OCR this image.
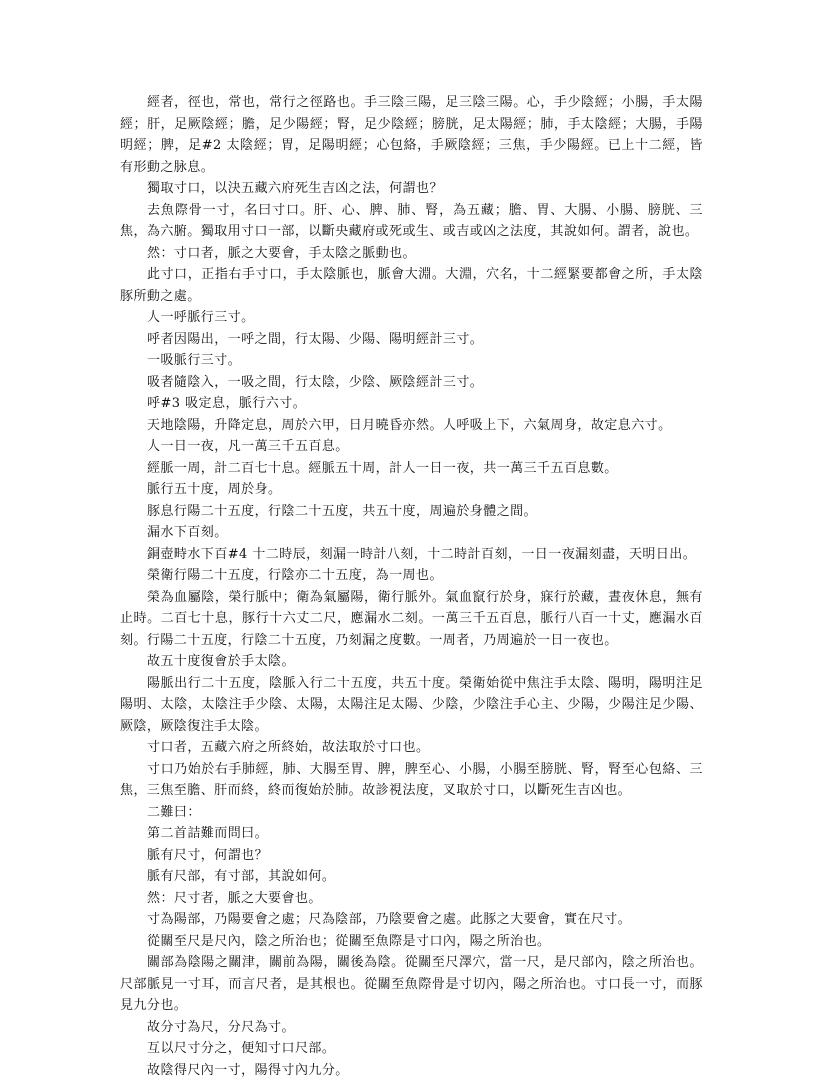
經者，徑也，常也，常行之徑路也。手三陰三陽，足三陰三陽。心，手少陰經；小腸，手太陽經；肝，足厥陰經；膽，足少陽經；腎，足少陰經；膀胱，足太陽經；肺，手太陰經；大腸，手陽明經；脾，足#2 太陰經；胃，足陽明經；心包絡，手厥陰經；三焦，手少陽經。已上十二經，皆有形動之脉息。

獨取寸口，以決五藏六府死生吉凶之法，何謂也？

去魚際骨一寸，名曰寸口。肝、心、脾、肺、腎，為五藏；膽、胃、大腸、小腸、膀胱、三焦，為六腑。獨取用寸口一部，以斷央藏府或死或生、或吉或凶之法度，其說如何。謂者，說也。

然：寸口者，脈之大要會，手太陰之脈動也。

此寸口，正指右手寸口，手太陰脈也，脈會大淵。大淵，穴名，十二經緊要都會之所，手太陰豚所動之處。

人一呼脈行三寸。

呼者因陽出，一呼之間，行太陽、少陽、陽明經計三寸。

一吸脈行三寸。

吸者隨陰入，一吸之間，行太陰，少陰、厥陰經計三寸。

呼#3 吸定息，脈行六寸。

天地陰陽，升降定息，周於六甲，日月曉昏亦然。人呼吸上下，六氣周身，故定息六寸。

人一日一夜，凡一萬三千五百息。

經脈一周，計二百七十息。經脈五十周，計人一日一夜，共一萬三千五百息數。

脈行五十度，周於身。

豚息行陽二十五度，行陰二十五度，共五十度，周遍於身體之間。

漏水下百刻。

銅壺畤水下百#4 十二時辰，刻漏一時計八刻，十二時計百刻，一日一夜漏刻盡，天明日出。

榮衛行陽二十五度，行陰亦二十五度，為一周也。

榮為血屬陰，榮行脈中；衛為氣屬陽，衛行脈外。氣血竄行於身，寐行於藏，晝夜休息，無有止時。二百七十息，豚行十六丈二尺，應漏水二刻。一萬三千五百息，脈行八百一十丈，應漏水百刻。行陽二十五度，行陰二十五度，乃刻漏之度數。一周者，乃周遍於一日一夜也。

故五十度復會於手太陰。

陽脈出行二十五度，陰脈入行二十五度，共五十度。榮衛始從中焦注手太陰、陽明，陽明注足陽明、太陰，太陰注手少陰、太陽，太陽注足太陽、少陰，少陰注手心主、少陽，少陽注足少陽、厥陰，厥陰復注手太陰。

寸口者，五藏六府之所終始，故法取於寸口也。

寸口乃始於右手肺經，肺、大腸至胃、脾，脾至心、小腸，小腸至膀胱、腎，腎至心包絡、三焦，三焦至膽、肝而終，終而復始於肺。故診視法度，叉取於寸口，以斷死生吉凶也。

二難曰：

第二首詰難而問曰。

脈有尺寸，何謂也？

脈有尺部，有寸部，其說如何。

然：尺寸者，脈之大要會也。

寸為陽部，乃陽要會之處；尺為陰部，乃陰要會之處。此豚之大要會，實在尺寸。

從關至尺是尺內，陰之所治也；從關至魚際是寸口內，陽之所治也。

關部為陰陽之關津，關前為陽，關後為陰。從關至尺澤穴，當一尺，是尺部內，陰之所治也。尺部脈見一寸耳，而言尺者，是其根也。從關至魚際骨是寸切內，陽之所治也。寸口長一寸，而豚見九分也。

故分寸為尺，分尺為寸。

互以尺寸分之，便知寸口尺部。

故陰得尺內一寸，陽得寸內九分。
